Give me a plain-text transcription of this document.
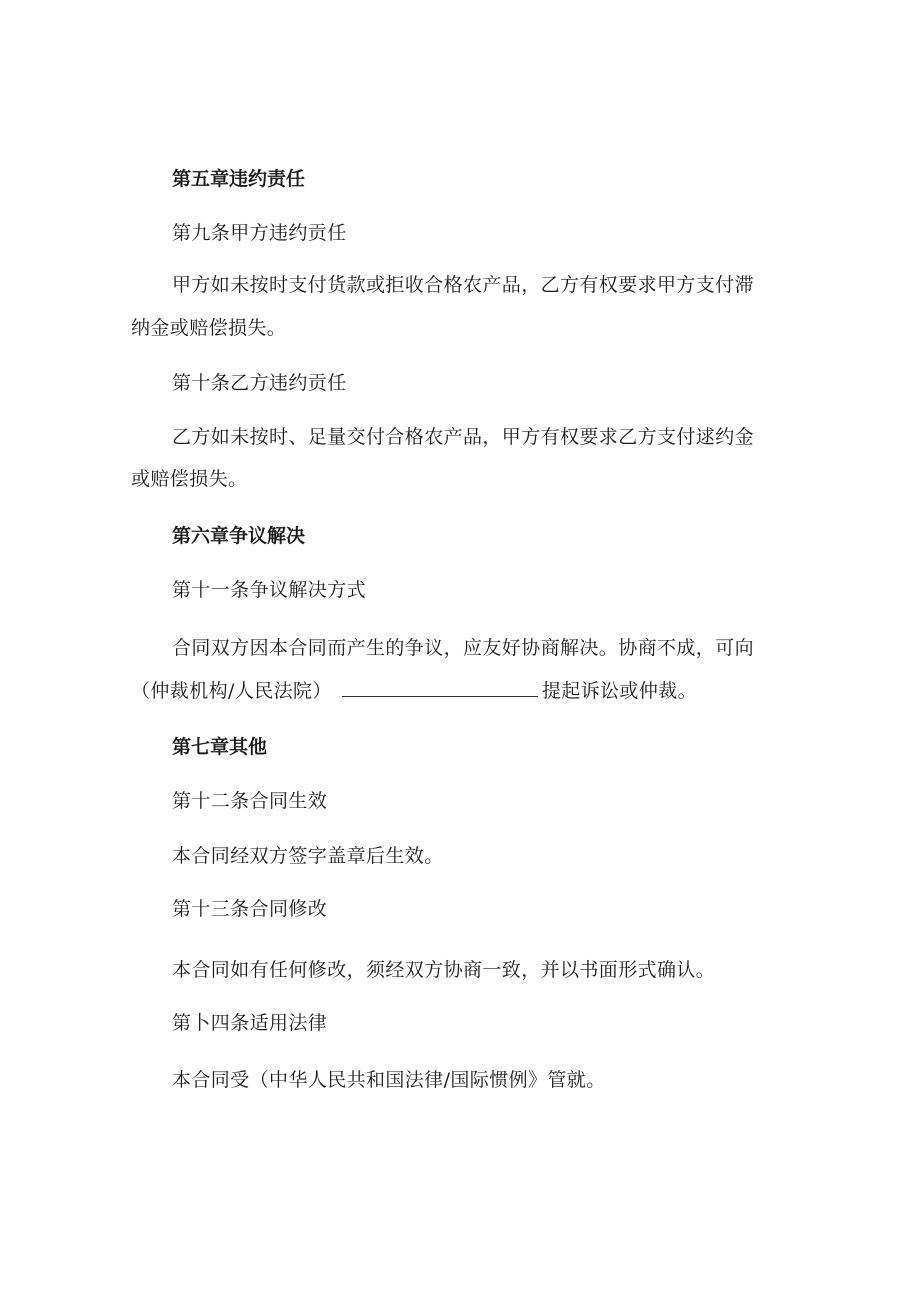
第五章违约责任
第九条甲方违约贡任
甲方如未按时支付货款或拒收合格农产品，乙方有权要求甲方支付滞
纳金或赔偿损失。
第十条乙方违约贡任
乙方如未按时、足量交付合格农产品，甲方有权要求乙方支付逑约金
或赔偿损失。
第六章争议解决
第十一条争议解决方式
合同双方因本合同而产生的争议，应友好协商解决。协商不成，可向
（仲裁机构/人民法院）	提起诉讼或仲裁。
第七章其他
第十二条合同生效
本合同经双方签字盖章后生效。
第十三条合同修改
本合同如有任何修改，须经双方协商一致，并以书面形式确认。
第卜四条适用法律
本合同受（中华人民共和国法律/国际惯例》管就。
